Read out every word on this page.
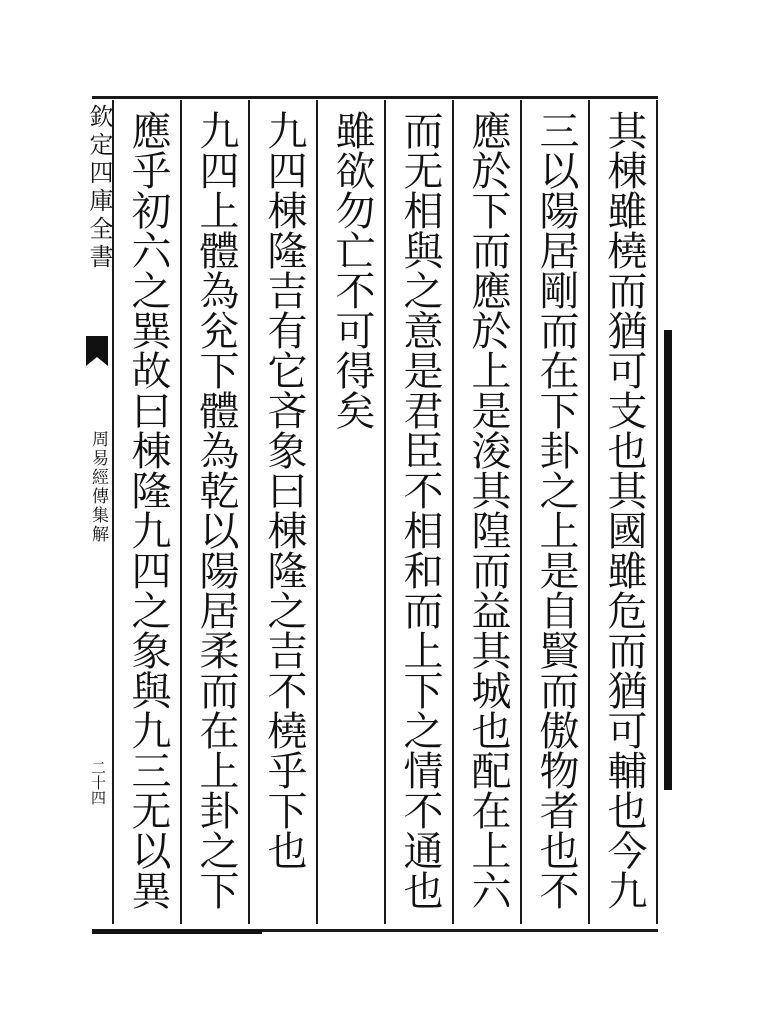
欽定四庫全書
周易經傳集解
二十四	其棟雖橈而猶可支也其國雖危而猶可輔也今九
三以陽居剛而在下卦之上是自賢而傲物者也不
應於下而應於上是浚其隍而益其城也配在上六
而无相與之意是君臣不相和而上下之情不通也
雖欲勿亡不可得矣
九四棟隆吉有它吝象曰棟隆之吉不橈乎下也
九四上體為兊下體為乾以陽居柔而在上卦之下
應乎初六之巽故曰棟隆九四之象與九三无以異
